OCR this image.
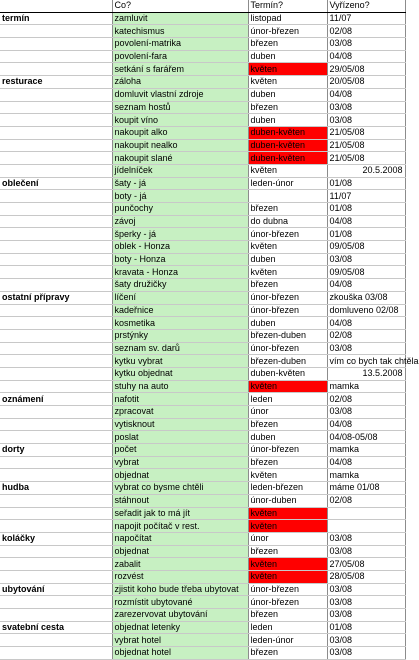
	Co?	Termín?	Vyřízeno?
termín	zamluvit	listopad	11/07
	katechismus	únor-březen	02/08
	povolení-matrika	březen	03/08
	povolení-fara	duben	04/08
	setkání s farářem	květen	29/05/08
resturace	záloha	květen	20/05/08
	domluvit vlastní zdroje	duben	04/08
	seznam hostů	březen	03/08
	koupit víno	duben	03/08
	nakoupit alko	duben-květen	21/05/08
	nakoupit nealko	duben-květen	21/05/08
	nakoupit slané	duben-květen	21/05/08
	jídelníček	květen	20.5.2008
oblečení	šaty - já	leden-únor	01/08
	boty - já		11/07
	punčochy	březen	01/08
	závoj	do dubna	04/08
	šperky - já	únor-březen	01/08
	oblek - Honza	květen	09/05/08
	boty - Honza	duben	03/08
	kravata - Honza	květen	09/05/08
	šaty družičky	březen	04/08
ostatní přípravy	líčení	únor-březen	zkouška 03/08
	kadeřnice	únor-březen	domluveno 02/08
	kosmetika	duben	04/08
	prstýnky	březen-duben	02/08
	seznam sv. darů	únor-březen	03/08
	kytku vybrat	březen-duben	vím co bych tak chtěla
	kytku objednat	duben-květen	13.5.2008
	stuhy na auto	květen	mamka
oznámení	nafotit	leden	02/08
	zpracovat	únor	03/08
	vytisknout	březen	04/08
	poslat	duben	04/08-05/08
dorty	počet	únor-březen	mamka
	vybrat	březen	04/08
	objednat	květen	mamka
hudba	vybrat co bysme chtěli	leden-březen	máme 01/08
	stáhnout	únor-duben	02/08
	seřadit jak to má jít	květen	
	napojit počítač v rest.	květen	
koláčky	napočítat	únor	03/08
	objednat	březen	03/08
	zabalit	květen	27/05/08
	rozvést	květen	28/05/08
ubytování	zjistit koho bude třeba ubytovat	únor-březen	03/08
	rozmístit ubytované	únor-březen	03/08
	zarezervovat ubytování	březen	03/08
svatební cesta	objednat letenky	leden	01/08
	vybrat hotel	leden-únor	03/08
	objednat hotel	březen	03/08
